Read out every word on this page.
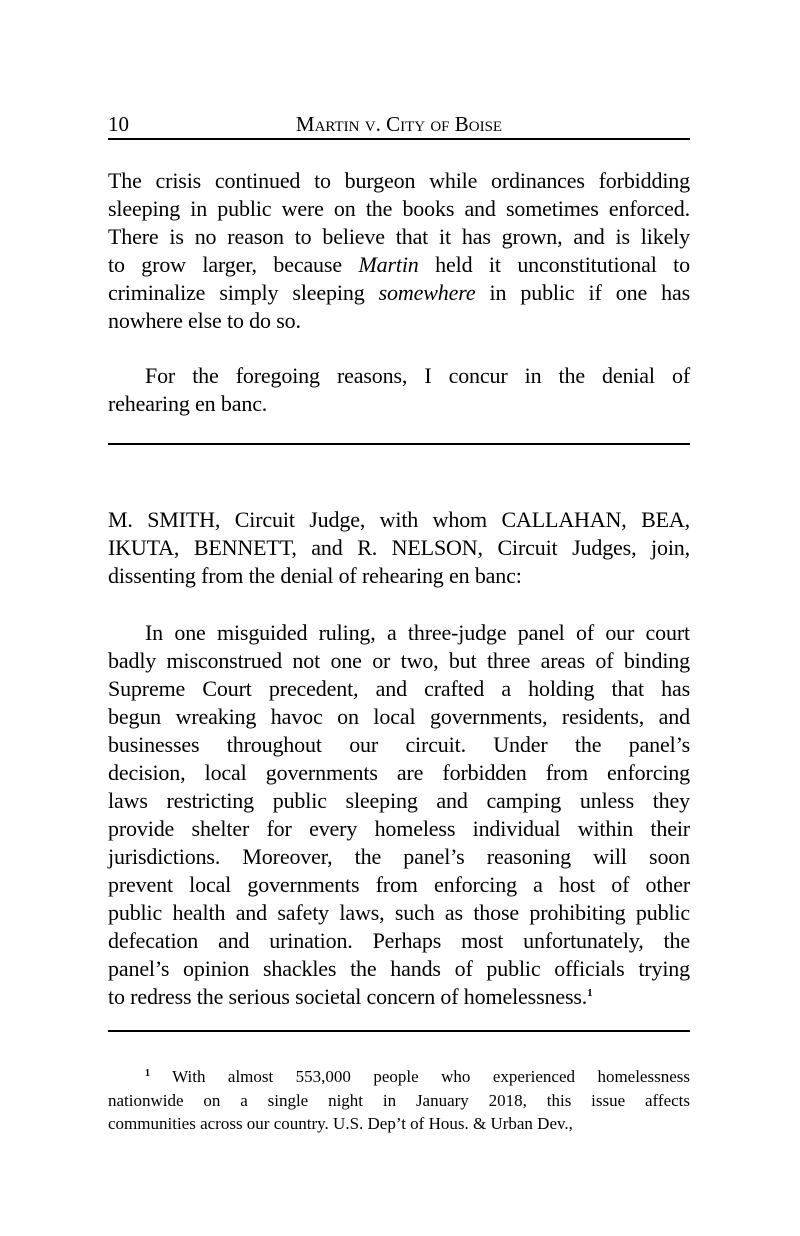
10	Martin v. City of Boise
The crisis continued to burgeon while ordinances forbidding
sleeping in public were on the books and sometimes enforced.
There is no reason to believe that it has grown, and is likely
to grow larger, because Martin held it unconstitutional to
criminalize simply sleeping somewhere in public if one has
nowhere else to do so.
For the foregoing reasons, I concur in the denial of
rehearing en banc.
M. SMITH, Circuit Judge, with whom CALLAHAN, BEA,
IKUTA, BENNETT, and R. NELSON, Circuit Judges, join,
dissenting from the denial of rehearing en banc:
In one misguided ruling, a three-judge panel of our court
badly misconstrued not one or two, but three areas of binding
Supreme Court precedent, and crafted a holding that has
begun wreaking havoc on local governments, residents, and
businesses throughout our circuit. Under the panel’s
decision, local governments are forbidden from enforcing
laws restricting public sleeping and camping unless they
provide shelter for every homeless individual within their
jurisdictions. Moreover, the panel’s reasoning will soon
prevent local governments from enforcing a host of other
public health and safety laws, such as those prohibiting public
defecation and urination. Perhaps most unfortunately, the
panel’s opinion shackles the hands of public officials trying
to redress the serious societal concern of homelessness.$^1$
$^1$ With almost 553,000 people who experienced homelessness
nationwide on a single night in January 2018, this issue affects
communities across our country. U.S. Dep’t of Hous. & Urban Dev.,
